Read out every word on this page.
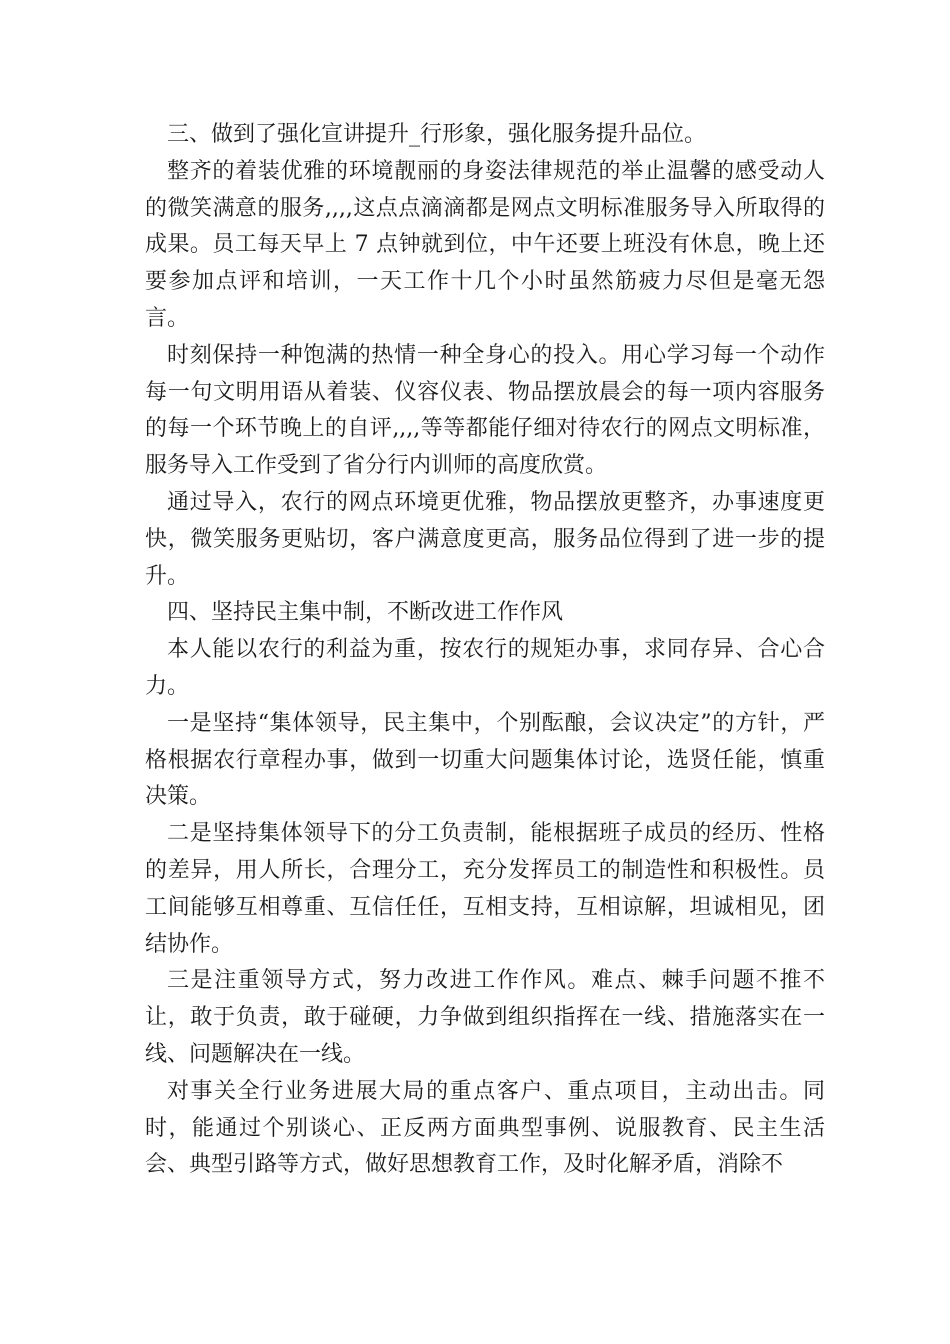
三、做到了强化宣讲提升_行形象，强化服务提升品位。

整齐的着装优雅的环境靓丽的身姿法律规范的举止温馨的感受动人的微笑满意的服务,,,,这点点滴滴都是网点文明标准服务导入所取得的成果。员工每天早上 7 点钟就到位，中午还要上班没有休息，晚上还要参加点评和培训，一天工作十几个小时虽然筋疲力尽但是毫无怨言。

时刻保持一种饱满的热情一种全身心的投入。用心学习每一个动作每一句文明用语从着装、仪容仪表、物品摆放晨会的每一项内容服务的每一个环节晚上的自评,,,,等等都能仔细对待农行的网点文明标准，服务导入工作受到了省分行内训师的高度欣赏。

通过导入，农行的网点环境更优雅，物品摆放更整齐，办事速度更快，微笑服务更贴切，客户满意度更高，服务品位得到了进一步的提升。

四、坚持民主集中制，不断改进工作作风

本人能以农行的利益为重，按农行的规矩办事，求同存异、合心合力。

一是坚持“集体领导，民主集中，个别酝酿，会议决定”的方针，严格根据农行章程办事，做到一切重大问题集体讨论，选贤任能，慎重决策。

二是坚持集体领导下的分工负责制，能根据班子成员的经历、性格的差异，用人所长，合理分工，充分发挥员工的制造性和积极性。员工间能够互相尊重、互信任任，互相支持，互相谅解，坦诚相见，团结协作。

三是注重领导方式，努力改进工作作风。难点、棘手问题不推不让，敢于负责，敢于碰硬，力争做到组织指挥在一线、措施落实在一线、问题解决在一线。

对事关全行业务进展大局的重点客户、重点项目，主动出击。同时，能通过个别谈心、正反两方面典型事例、说服教育、民主生活会、典型引路等方式，做好思想教育工作，及时化解矛盾，消除不
